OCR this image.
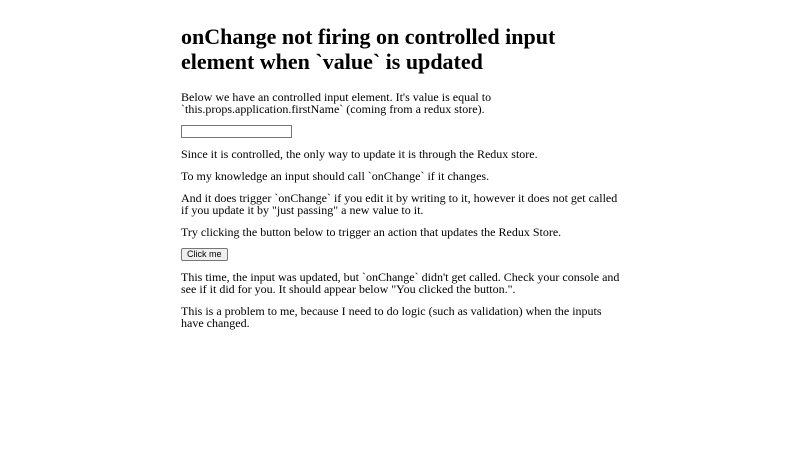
onChange not firing on controlled input element when `value` is updated

Below we have an controlled input element. It's value is equal to `this.props.application.firstName` (coming from a redux store).

Since it is controlled, the only way to update it is through the Redux store.

To my knowledge an input should call `onChange` if it changes.

And it does trigger `onChange` if you edit it by writing to it, however it does not get called if you update it by "just passing" a new value to it.

Try clicking the button below to trigger an action that updates the Redux Store.

Click me

This time, the input was updated, but `onChange` didn't get called. Check your console and see if it did for you. It should appear below "You clicked the button.".

This is a problem to me, because I need to do logic (such as validation) when the inputs have changed.
